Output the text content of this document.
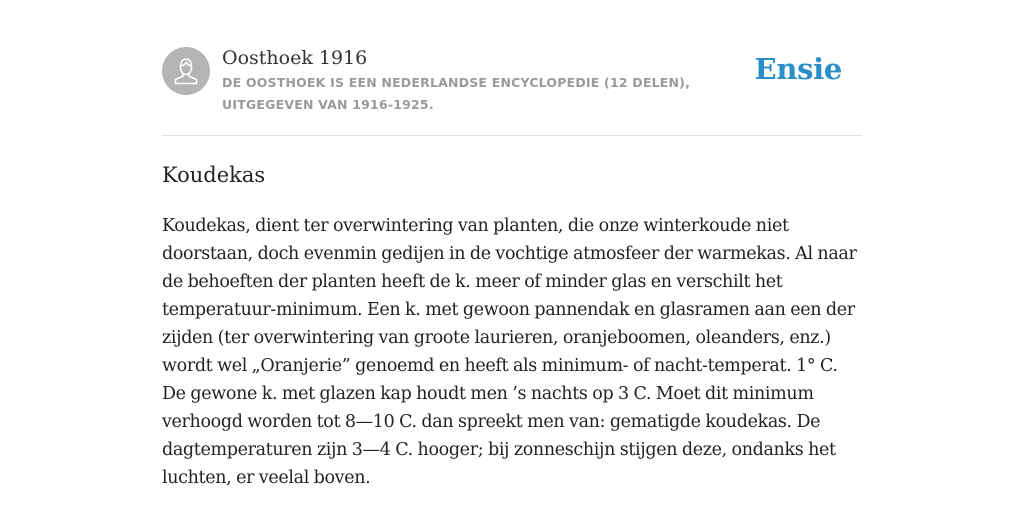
Oosthoek 1916

DE OOSTHOEK IS EEN NEDERLANDSE ENCYCLOPEDIE (12 DELEN), UITGEGEVEN VAN 1916-1925.

Ensie
Koudekas

Koudekas, dient ter overwintering van planten, die onze winterkoude niet doorstaan, doch evenmin gedijen in de vochtige atmosfeer der warmekas. Al naar de behoeften der planten heeft de k. meer of minder glas en verschilt het temperatuur-minimum. Een k. met gewoon pannendak en glasramen aan een der zijden (ter overwintering van groote laurieren, oranjeboomen, oleanders, enz.) wordt wel „Oranjerie” genoemd en heeft als minimum- of nacht-temperat. 1° C. De gewone k. met glazen kap houdt men ’s nachts op 3 C. Moet dit minimum verhoogd worden tot 8—10 C. dan spreekt men van: gematigde koudekas. De dagtemperaturen zijn 3—4 C. hooger; bij zonneschijn stijgen deze, ondanks het luchten, er veelal boven.
